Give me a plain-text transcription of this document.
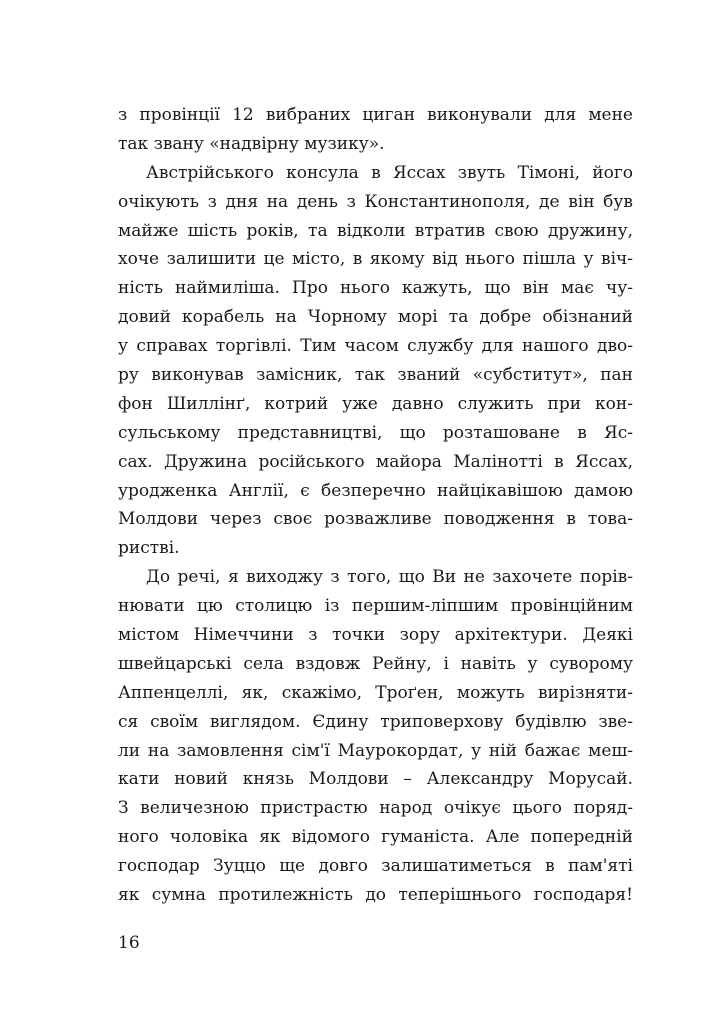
з провінції 12 вибраних циган виконували для мене
так звану «надвірну музику».
Австрійського консула в Яссах звуть Тімоні, його
очікують з дня на день з Константинополя, де він був
майже шість років, та відколи втратив свою дружину,
хоче залишити це місто, в якому від нього пішла у віч-
ність наймиліша. Про нього кажуть, що він має чу-
довий корабель на Чорному морі та добре обізнаний
у справах торгівлі. Тим часом службу для нашого дво-
ру виконував замісник, так званий «субститут», пан
фон Шиллінґ, котрий уже давно служить при кон-
сульському представництві, що розташоване в Яс-
сах. Дружина російського майора Малінотті в Яссах,
уродженка Англії, є безперечно найцікавішою дамою
Молдови через своє розважливе поводження в това-
ристві.
До речі, я виходжу з того, що Ви не захочете порів-
нювати цю столицю із першим-ліпшим провінційним
містом Німеччини з точки зору архітектури. Деякі
швейцарські села вздовж Рейну, і навіть у суворому
Аппенцеллі, як, скажімо, Троґен, можуть вирізняти-
ся своїм виглядом. Єдину триповерхову будівлю зве-
ли на замовлення сім'ї Маурокордат, у ній бажає меш-
кати новий князь Молдови – Александру Морусай.
З величезною пристрастю народ очікує цього поряд-
ного чоловіка як відомого гуманіста. Але попередній
господар Зуццо ще довго залишатиметься в пам'яті
як сумна протилежність до теперішнього господаря!
16
